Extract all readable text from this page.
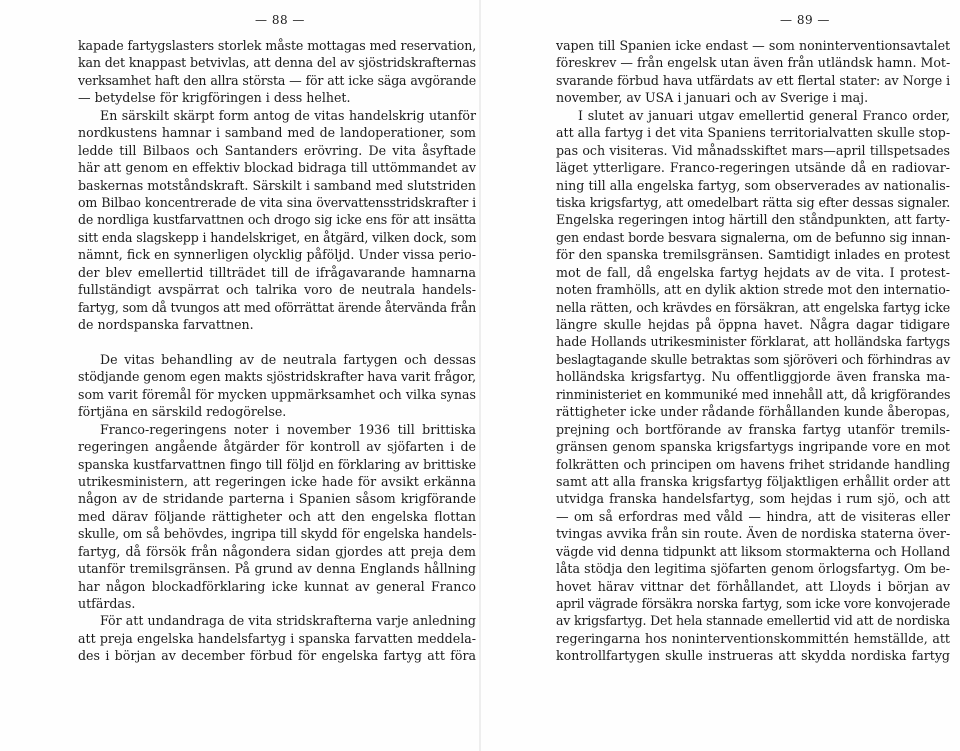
— 88 —
kapade fartygslasters storlek måste mottagas med reservation,
kan det knappast betvivlas, att denna del av sjöstridskrafternas
verksamhet haft den allra största — för att icke säga avgörande
— betydelse för krigföringen i dess helhet.
En särskilt skärpt form antog de vitas handelskrig utanför
nordkustens hamnar i samband med de landoperationer, som
ledde till Bilbaos och Santanders erövring. De vita åsyftade
här att genom en effektiv blockad bidraga till uttömmandet av
baskernas motståndskraft. Särskilt i samband med slutstriden
om Bilbao koncentrerade de vita sina övervattensstridskrafter i
de nordliga kustfarvattnen och drogo sig icke ens för att insätta
sitt enda slagskepp i handelskriget, en åtgärd, vilken dock, som
nämnt, fick en synnerligen olycklig påföljd. Under vissa perio-
der blev emellertid tillträdet till de ifrågavarande hamnarna
fullständigt avspärrat och talrika voro de neutrala handels-
fartyg, som då tvungos att med oförrättat ärende återvända från
de nordspanska farvattnen.
De vitas behandling av de neutrala fartygen och dessas
stödjande genom egen makts sjöstridskrafter hava varit frågor,
som varit föremål för mycken uppmärksamhet och vilka synas
förtjäna en särskild redogörelse.
Franco-regeringens noter i november 1936 till brittiska
regeringen angående åtgärder för kontroll av sjöfarten i de
spanska kustfarvattnen fingo till följd en förklaring av brittiske
utrikesministern, att regeringen icke hade för avsikt erkänna
någon av de stridande parterna i Spanien såsom krigförande
med därav följande rättigheter och att den engelska flottan
skulle, om så behövdes, ingripa till skydd för engelska handels-
fartyg, då försök från någondera sidan gjordes att preja dem
utanför tremilsgränsen. På grund av denna Englands hållning
har någon blockadförklaring icke kunnat av general Franco
utfärdas.
För att undandraga de vita stridskrafterna varje anledning
att preja engelska handelsfartyg i spanska farvatten meddela-
des i början av december förbud för engelska fartyg att föra
— 89 —
vapen till Spanien icke endast — som noninterventionsavtalet
föreskrev — från engelsk utan även från utländsk hamn. Mot-
svarande förbud hava utfärdats av ett flertal stater: av Norge i
november, av USA i januari och av Sverige i maj.
I slutet av januari utgav emellertid general Franco order,
att alla fartyg i det vita Spaniens territorialvatten skulle stop-
pas och visiteras. Vid månadsskiftet mars—april tillspetsades
läget ytterligare. Franco-regeringen utsände då en radiovar-
ning till alla engelska fartyg, som observerades av nationalis-
tiska krigsfartyg, att omedelbart rätta sig efter dessas signaler.
Engelska regeringen intog härtill den ståndpunkten, att farty-
gen endast borde besvara signalerna, om de befunno sig innan-
för den spanska tremilsgränsen. Samtidigt inlades en protest
mot de fall, då engelska fartyg hejdats av de vita. I protest-
noten framhölls, att en dylik aktion strede mot den internatio-
nella rätten, och krävdes en försäkran, att engelska fartyg icke
längre skulle hejdas på öppna havet. Några dagar tidigare
hade Hollands utrikesminister förklarat, att holländska fartygs
beslagtagande skulle betraktas som sjöröveri och förhindras av
holländska krigsfartyg. Nu offentliggjorde även franska ma-
rinministeriet en kommuniké med innehåll att, då krigförandes
rättigheter icke under rådande förhållanden kunde åberopas,
prejning och bortförande av franska fartyg utanför tremils-
gränsen genom spanska krigsfartygs ingripande vore en mot
folkrätten och principen om havens frihet stridande handling
samt att alla franska krigsfartyg följaktligen erhållit order att
utvidga franska handelsfartyg, som hejdas i rum sjö, och att
— om så erfordras med våld — hindra, att de visiteras eller
tvingas avvika från sin route. Även de nordiska staterna över-
vägde vid denna tidpunkt att liksom stormakterna och Holland
låta stödja den legitima sjöfarten genom örlogsfartyg. Om be-
hovet härav vittnar det förhållandet, att Lloyds i början av
april vägrade försäkra norska fartyg, som icke vore konvojerade
av krigsfartyg. Det hela stannade emellertid vid att de nordiska
regeringarna hos noninterventionskommittén hemställde, att
kontrollfartygen skulle instrueras att skydda nordiska fartyg
